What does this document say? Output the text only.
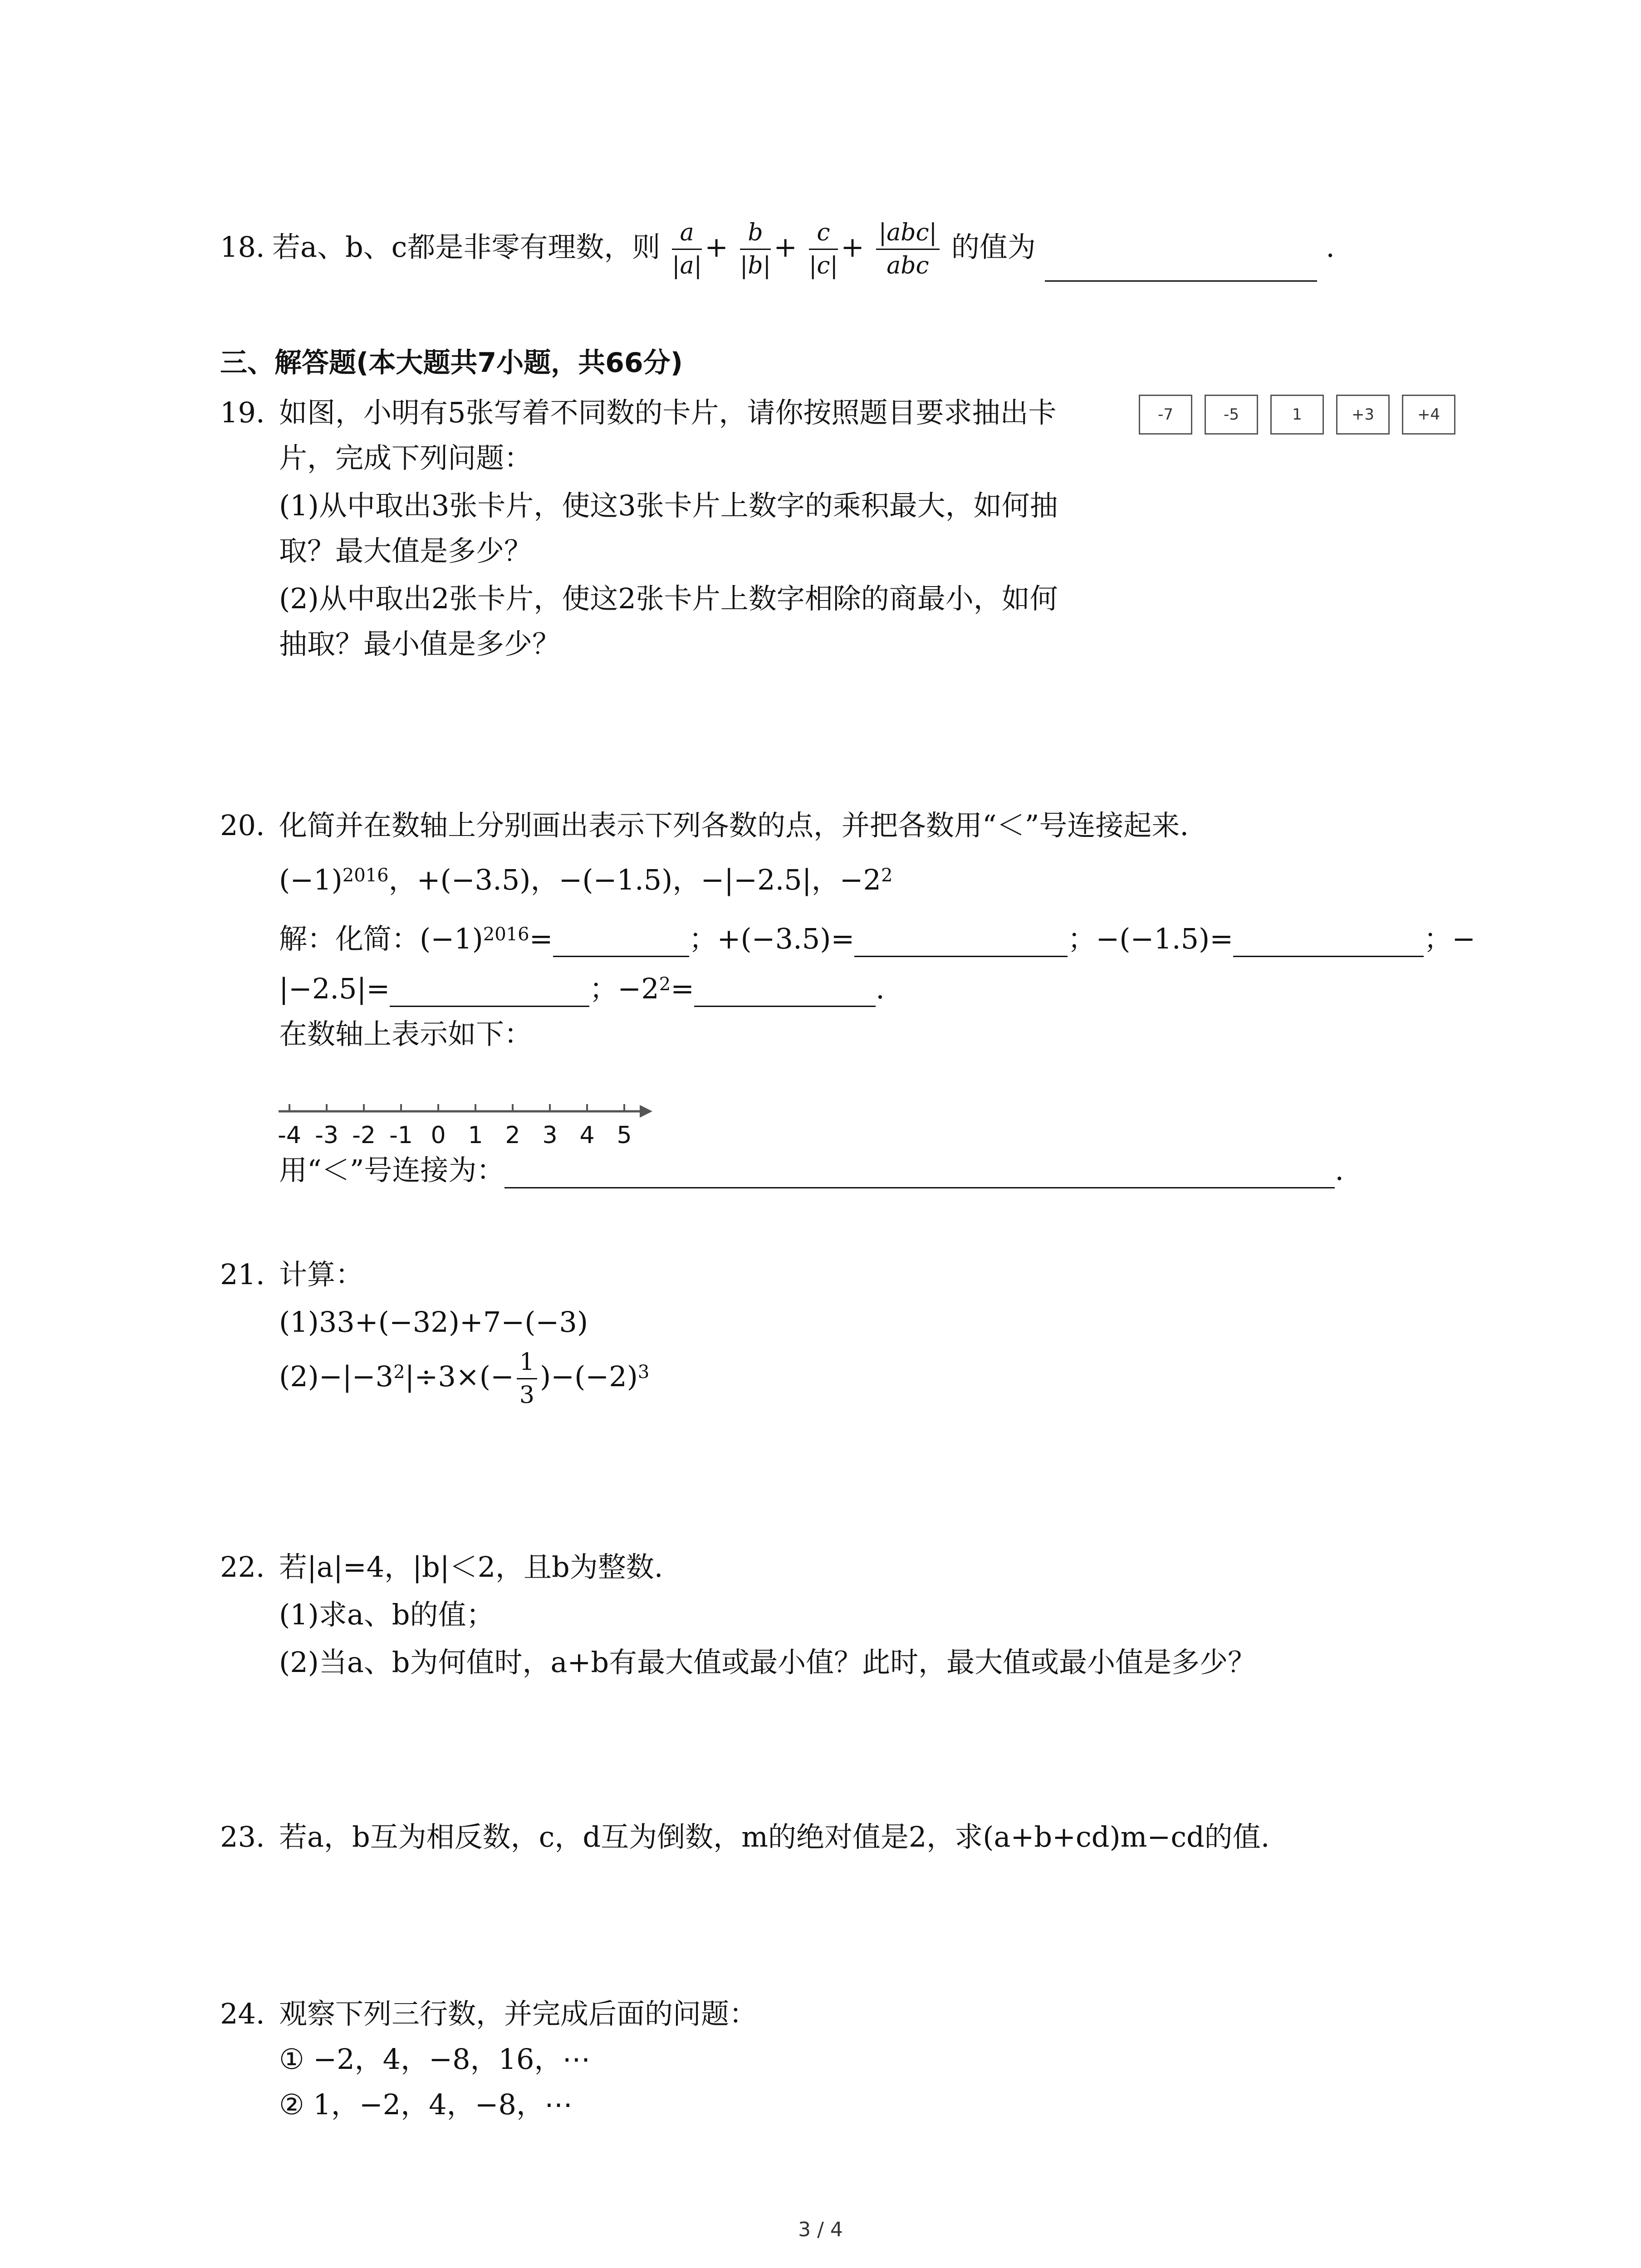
18. 若a、b、c都是非零有理数，则 $\frac{a}{|a|} + \frac{b}{|b|} + \frac{c}{|c|} + \frac{\text{|abc|}}{\text{abc}}$ 的值为	.
三、解答题(本大题共7小题，共66分)
19. 如图，小明有5张写着不同数的卡片，请你按照题目要求抽出卡
片，完成下列问题：
(1)从中取出3张卡片，使这3张卡片上数字的乘积最大，如何抽
取？最大值是多少？
(2)从中取出2张卡片，使这2张卡片上数字相除的商最小，如何
抽取？最小值是多少？
-7	-5	1	+3	+4
20. 化简并在数轴上分别画出表示下列各数的点，并把各数用“＜”号连接起来.
$(-1)^{2016}$，+(−3.5)，−(−1.5)，−|−2.5|，$-2^2$
解：化简：$(-1)^{2016}=$	；+(−3.5)=	；−(−1.5)=	；−
|−2.5|=	；$-2^2=$	.
在数轴上表示如下：
-4 -3 -2 -1 0 1 2 3 4 5
用“＜”号连接为：	.
21. 计算：
(1)33+(−32)+7−(−3)
$(2)-|-3^2|\div 3\times(- \frac{1}{3} )-(-2)^3$
22. 若|a|=4，|b|＜2，且b为整数.
(1)求a、b的值；
(2)当a、b为何值时，a+b有最大值或最小值？此时，最大值或最小值是多少？
23. 若a，b互为相反数，c，d互为倒数，m的绝对值是2，求(a+b+cd)m−cd的值.
24. 观察下列三行数，并完成后面的问题：
① −2，4，−8，16，⋯
② 1，−2，4，−8，⋯
3 / 4
